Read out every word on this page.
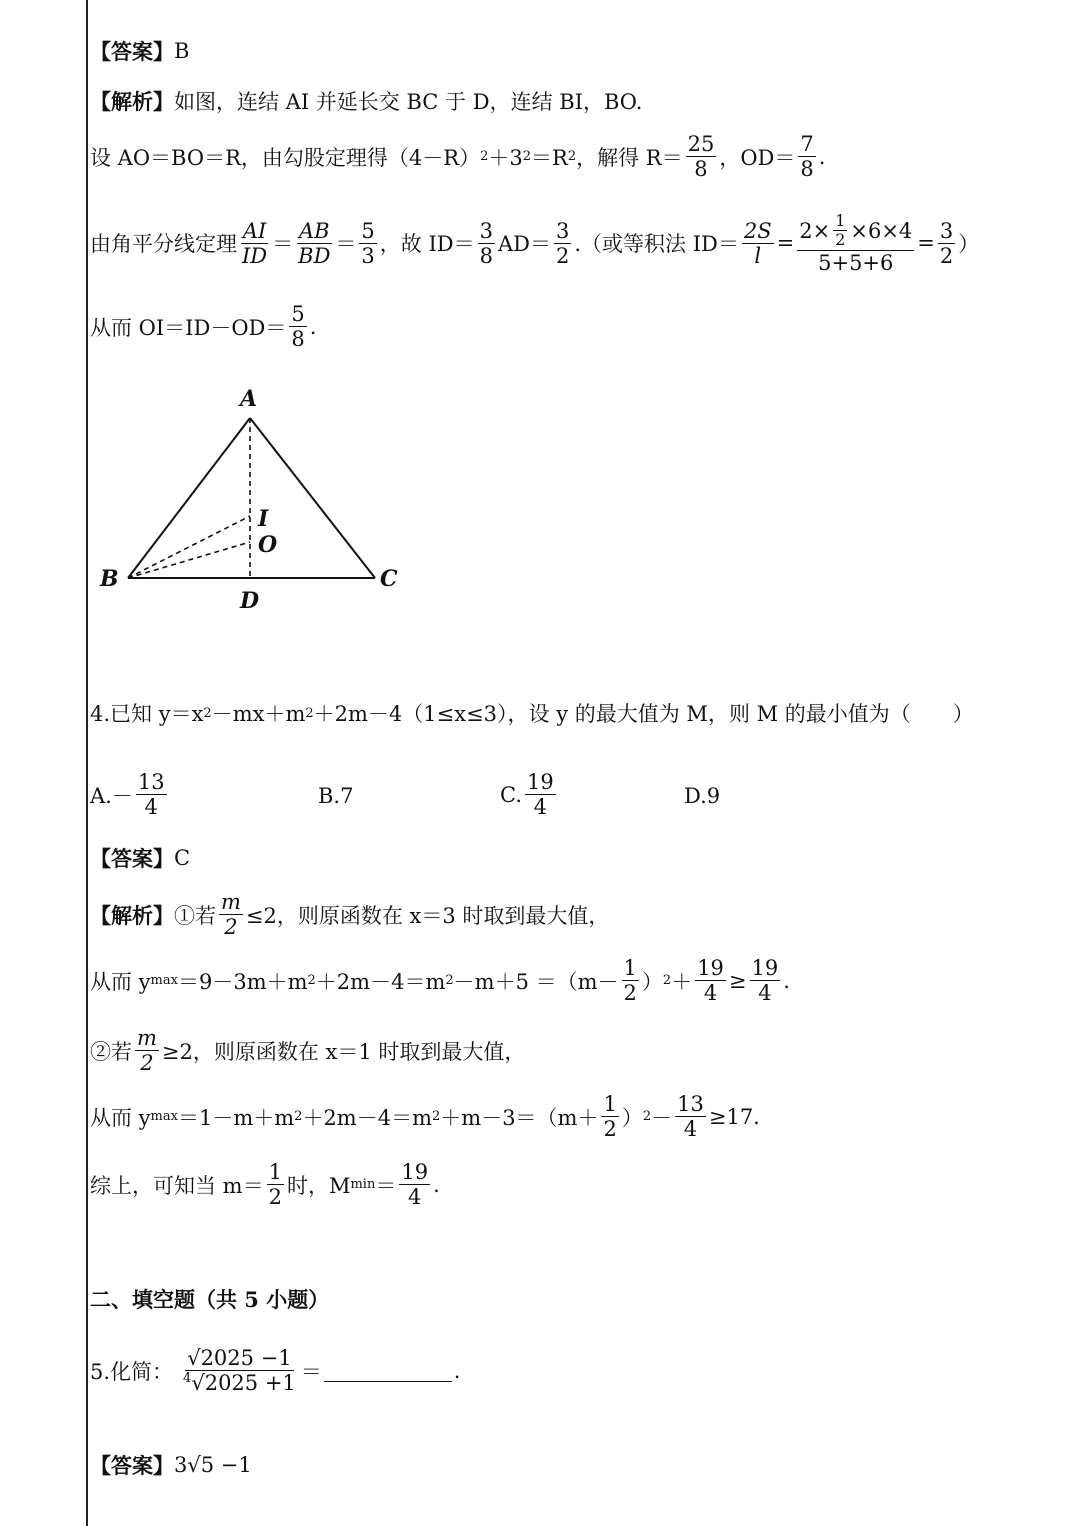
【答案】 B
【解析】 如图，连结 AI 并延长交 BC 于 D，连结 BI，BO.
设 AO＝BO＝R，由勾股定理得（4－R） 2 ＋3 2 ＝R 2 ，解得 $R= \frac{25}{8}$ ，$OD= \frac{7}{8}$ .
由角平分线定理 $\frac{AI}{ID} = \frac{AB}{BD} = \frac{5}{3}$ ，故 $ID= \frac{3}{8} AD= \frac{3}{2}$ .（或等积法 $ID= \frac{2S}{l} = \frac{2\times \frac{1}{2} \times 6\times 4}{5+5+6} = \frac{3}{2}$ ）
从而 $OI=ID-OD= \frac{5}{8}$ .
A
B	C
D
I
O
4.已知 y＝x 2 －mx＋m 2 ＋2m－4（1≤x≤3），设 y 的最大值为 M，则 M 的最小值为（　　）
$A.- \frac{13}{4}$	B.7	C. $\frac{19}{4}$	D.9
【答案】 C
【解析】 ①若 $\frac{m}{2} \le 2$，则原函数在 x＝3 时取到最大值，
从而 y max ＝9－3m＋m 2 ＋2m－4＝m $2 -m+5 =(m- \frac{1}{2}$ ） $2 + \frac{19}{4} \ge \frac{19}{4}$ .
②若 $\frac{m}{2} \ge 2$，则原函数在 x＝1 时取到最大值，
从而 y max ＝1－m＋m 2 ＋2m－4＝m $2 +m-3=(m+ \frac{1}{2}$ ） $2 - \frac{13}{4} \ge 17$.
综上，可知当 $m= \frac{1}{2}$ 时，M $\min = \frac{19}{4}$ .
二、填空题（共 5 小题）
5.化简： $\frac{√2025 -1}{^4√2025 +1}$ ＝	.
【答案】 3√5 −1
